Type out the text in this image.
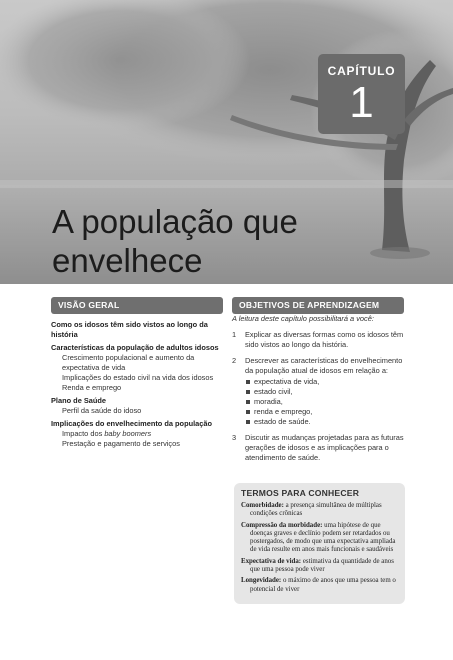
CAPÍTULO
1
A população que
envelhece
VISÃO GERAL
Como os idosos têm sido vistos ao longo da história
Características da população de adultos idosos
Crescimento populacional e aumento da expectativa de vida
Implicações do estado civil na vida dos idosos
Renda e emprego
Plano de Saúde
Perfil da saúde do idoso
Implicações do envelhecimento da população
Impacto dos baby boomers
Prestação e pagamento de serviços
OBJETIVOS DE APRENDIZAGEM
A leitura deste capítulo possibilitará a você:
1	Explicar as diversas formas como os idosos têm sido vistos ao longo da história.
2	Descrever as características do envelhecimento da população atual de idosos em relação a:
expectativa de vida,
estado civil,
moradia,
renda e emprego,
estado de saúde.
3	Discutir as mudanças projetadas para as futuras gerações de idosos e as implicações para o atendimento de saúde.
TERMOS PARA CONHECER
Comorbidade: a presença simultânea de múltiplas condições crônicas
Compressão da morbidade: uma hipótese de que doenças graves e declínio podem ser retardados ou postergados, de modo que uma expectativa ampliada de vida resulte em anos mais funcionais e saudáveis
Expectativa de vida: estimativa da quantidade de anos que uma pessoa pode viver
Longevidade: o máximo de anos que uma pessoa tem o potencial de viver
